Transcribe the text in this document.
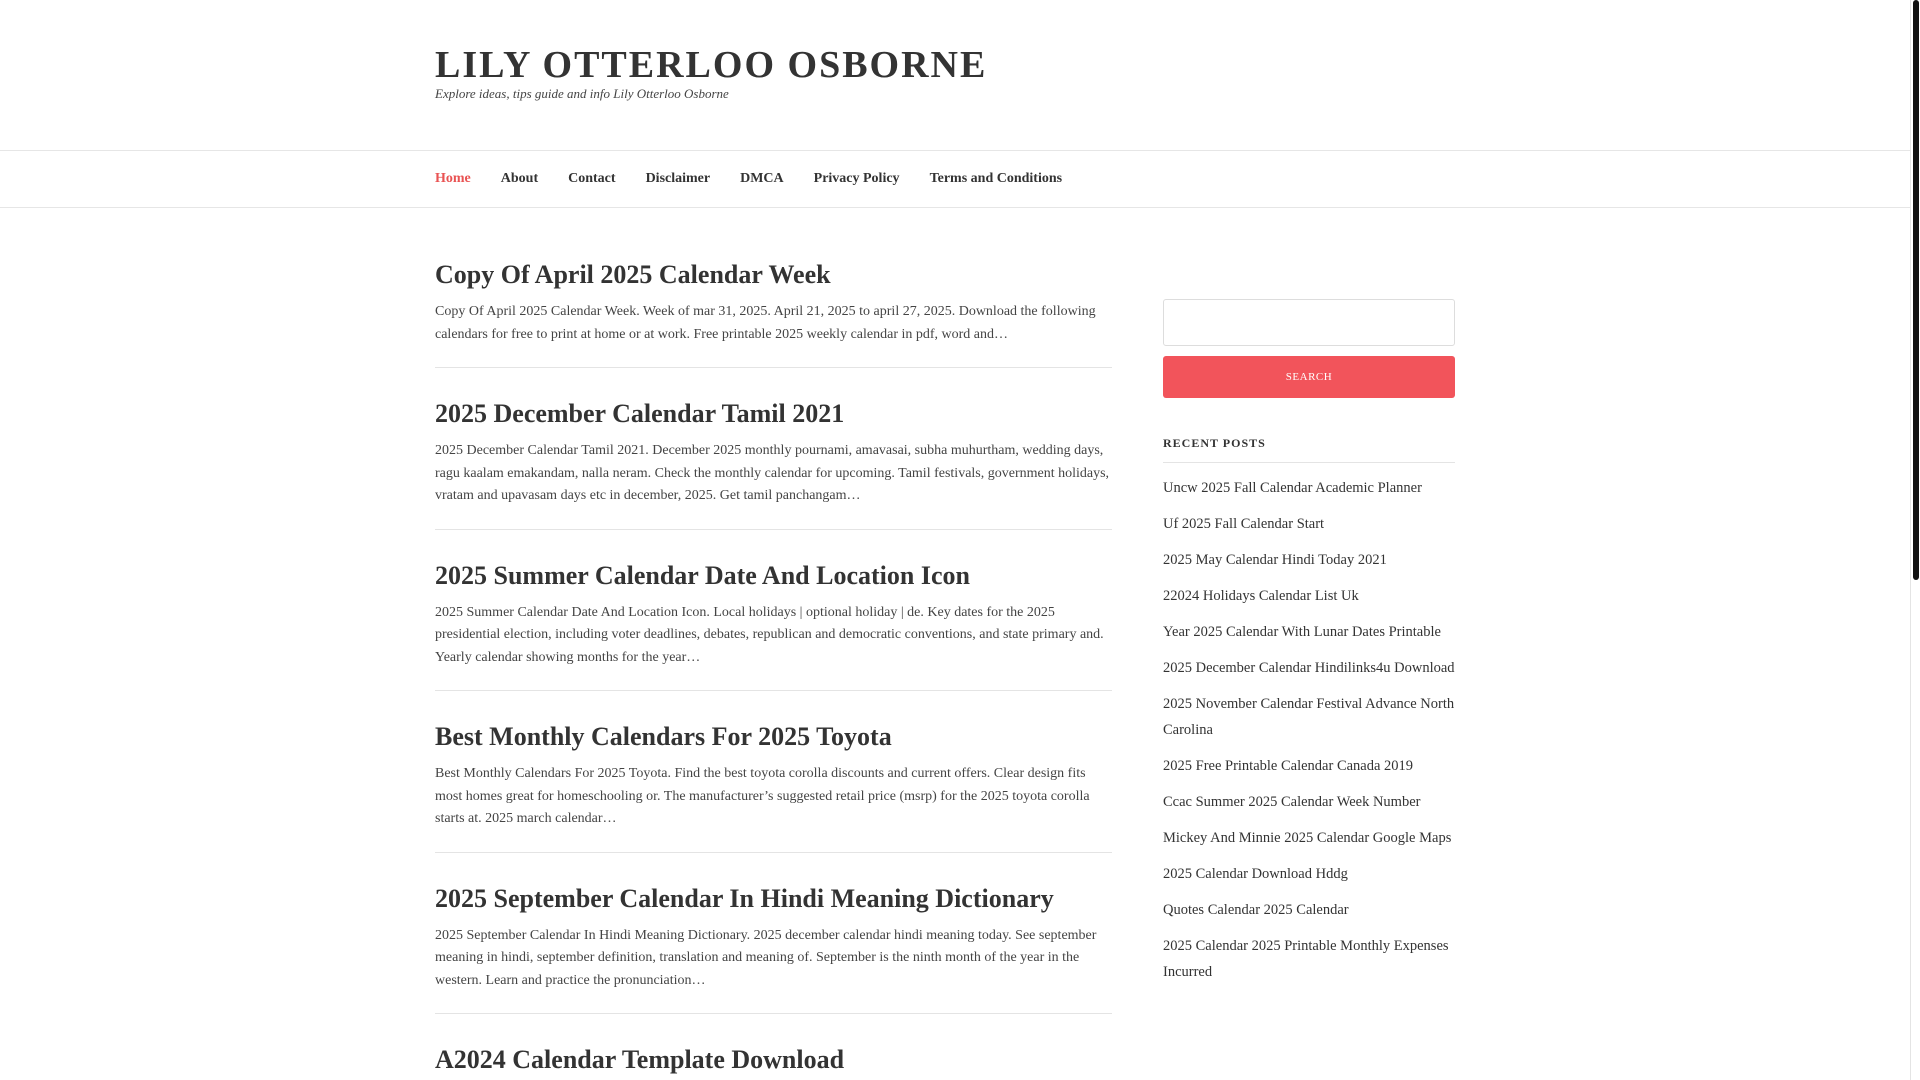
LILY OTTERLOO OSBORNE
Explore ideas, tips guide and info Lily Otterloo Osborne
Home About Contact Disclaimer DMCA Privacy Policy Terms and Conditions
Copy Of April 2025 Calendar Week

Copy Of April 2025 Calendar Week. Week of mar 31, 2025. April 21, 2025 to april 27, 2025. Download the following calendars for free to print at home or at work. Free printable 2025 weekly calendar in pdf, word and…

2025 December Calendar Tamil 2021

2025 December Calendar Tamil 2021. December 2025 monthly pournami, amavasai, subha muhurtham, wedding days, ragu kaalam emakandam, nalla neram. Check the monthly calendar for upcoming. Tamil festivals, government holidays, vratam and upavasam days etc in december, 2025. Get tamil panchangam…

2025 Summer Calendar Date And Location Icon

2025 Summer Calendar Date And Location Icon. Local holidays | optional holiday | de. Key dates for the 2025 presidential election, including voter deadlines, debates, republican and democratic conventions, and state primary and. Yearly calendar showing months for the year…

Best Monthly Calendars For 2025 Toyota

Best Monthly Calendars For 2025 Toyota. Find the best toyota corolla discounts and current offers. Clear design fits most homes great for homeschooling or. The manufacturer’s suggested retail price (msrp) for the 2025 toyota corolla starts at. 2025 march calendar…

2025 September Calendar In Hindi Meaning Dictionary

2025 September Calendar In Hindi Meaning Dictionary. 2025 december calendar hindi meaning today. See september meaning in hindi, september definition, translation and meaning of. September is the ninth month of the year in the western. Learn and practice the pronunciation…

A2024 Calendar Template Download
SEARCH
RECENT POSTS
Uncw 2025 Fall Calendar Academic Planner
Uf 2025 Fall Calendar Start
2025 May Calendar Hindi Today 2021
22024 Holidays Calendar List Uk
Year 2025 Calendar With Lunar Dates Printable
2025 December Calendar Hindilinks4u Download
2025 November Calendar Festival Advance North Carolina
2025 Free Printable Calendar Canada 2019
Ccac Summer 2025 Calendar Week Number
Mickey And Minnie 2025 Calendar Google Maps
2025 Calendar Download Hddg
Quotes Calendar 2025 Calendar
2025 Calendar 2025 Printable Monthly Expenses Incurred
